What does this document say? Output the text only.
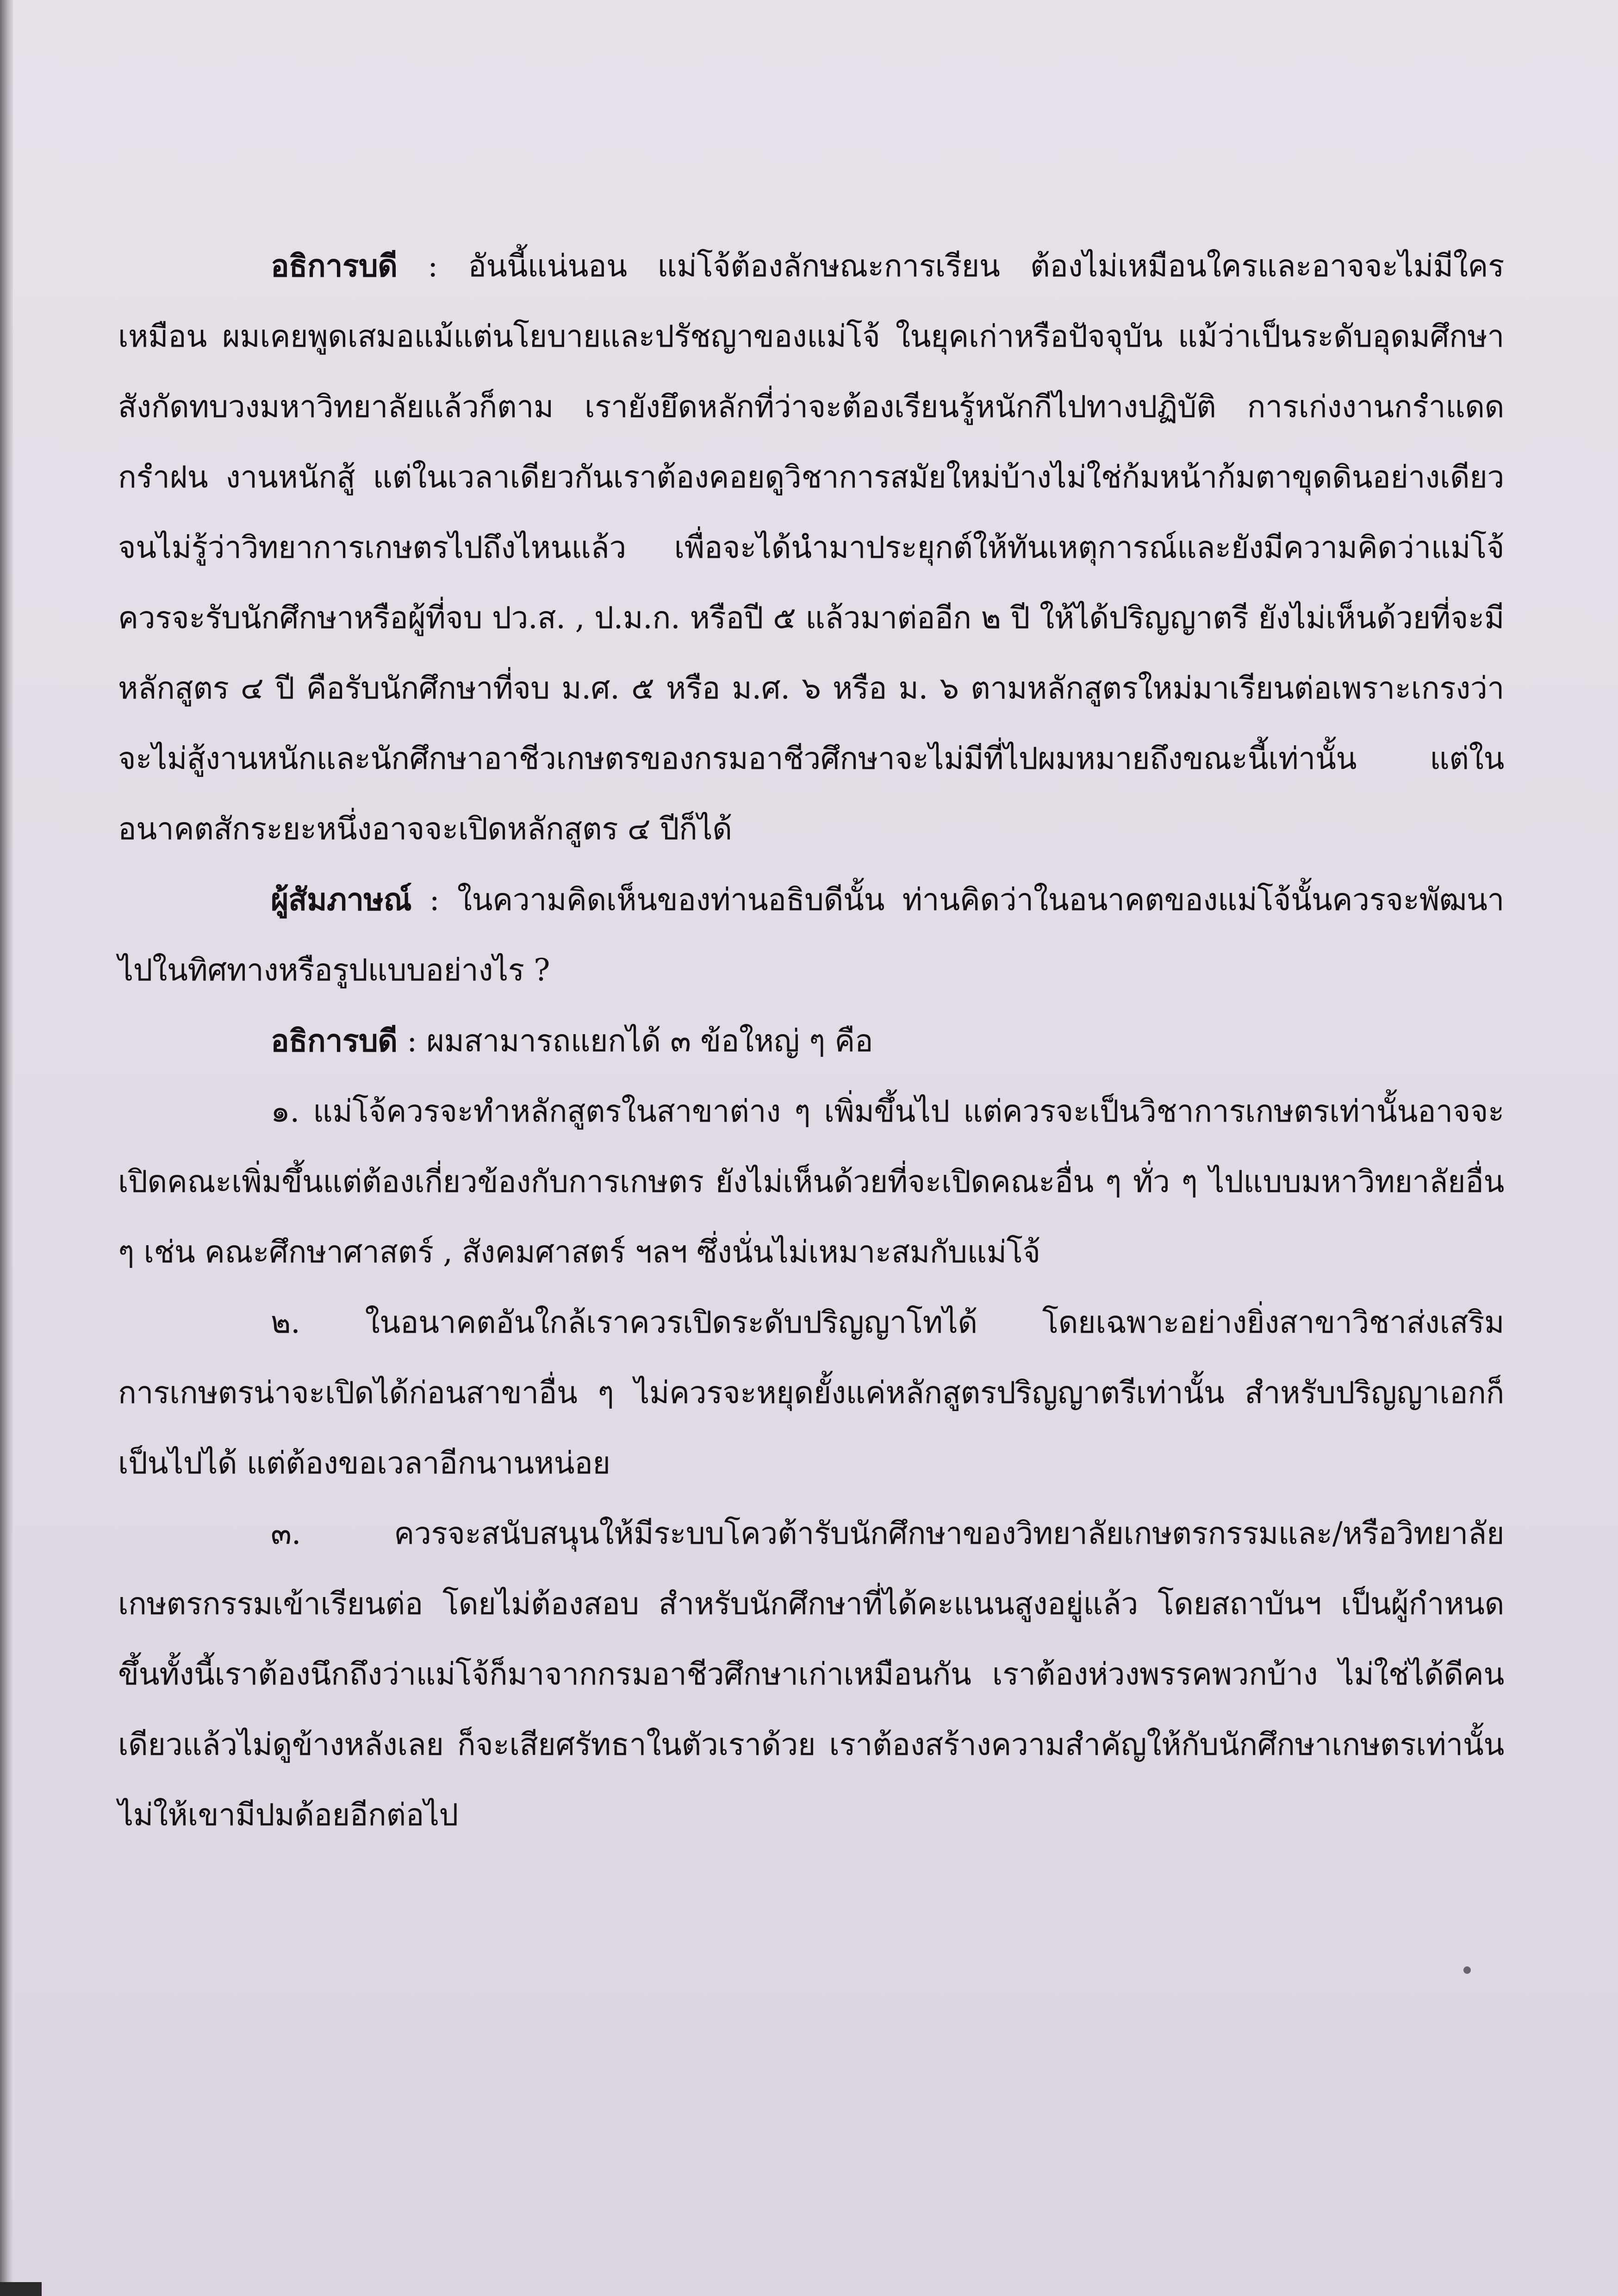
อธิการบดี : อันนี้แน่นอน แม่โจ้ต้องลักษณะการเรียน ต้องไม่เหมือนใครและอาจจะไม่มีใครเหมือน ผมเคยพูดเสมอแม้แต่นโยบายและปรัชญาของแม่โจ้ ในยุคเก่าหรือปัจจุบัน แม้ว่าเป็นระดับอุดมศึกษาสังกัดทบวงมหาวิทยาลัยแล้วก็ตาม เรายังยึดหลักที่ว่าจะต้องเรียนรู้หนักกีไปทางปฏิบัติ การเก่งงานกรำแดด กรำฝน งานหนักสู้ แต่ในเวลาเดียวกันเราต้องคอยดูวิชาการสมัยใหม่บ้างไม่ใช่ก้มหน้าก้มตาขุดดินอย่างเดียวจนไม่รู้ว่าวิทยาการเกษตรไปถึงไหนแล้ว เพื่อจะได้นำมาประยุกต์ให้ทันเหตุการณ์และยังมีความคิดว่าแม่โจ้ควรจะรับนักศึกษาหรือผู้ที่จบ ปว.ส. , ป.ม.ก. หรือปี ๕ แล้วมาต่ออีก ๒ ปี ให้ได้ปริญญาตรี ยังไม่เห็นด้วยที่จะมีหลักสูตร ๔ ปี คือรับนักศึกษาที่จบ ม.ศ. ๕ หรือ ม.ศ. ๖ หรือ ม. ๖ ตามหลักสูตรใหม่มาเรียนต่อเพราะเกรงว่าจะไม่สู้งานหนักและนักศึกษาอาชีวเกษตรของกรมอาชีวศึกษาจะไม่มีที่ไปผมหมายถึงขณะนี้เท่านั้น แต่ในอนาคตสักระยะหนึ่งอาจจะเปิดหลักสูตร ๔ ปีก็ได้

ผู้สัมภาษณ์ : ในความคิดเห็นของท่านอธิบดีนั้น ท่านคิดว่าในอนาคตของแม่โจ้นั้นควรจะพัฒนาไปในทิศทางหรือรูปแบบอย่างไร ?

อธิการบดี : ผมสามารถแยกได้ ๓ ข้อใหญ่ ๆ คือ

๑. แม่โจ้ควรจะทำหลักสูตรในสาขาต่าง ๆ เพิ่มขึ้นไป แต่ควรจะเป็นวิชาการเกษตรเท่านั้นอาจจะเปิดคณะเพิ่มขึ้นแต่ต้องเกี่ยวข้องกับการเกษตร ยังไม่เห็นด้วยที่จะเปิดคณะอื่น ๆ ทั่ว ๆ ไปแบบมหาวิทยาลัยอื่น ๆ เช่น คณะศึกษาศาสตร์ , สังคมศาสตร์ ฯลฯ ซึ่งนั่นไม่เหมาะสมกับแม่โจ้

๒. ในอนาคตอันใกล้เราควรเปิดระดับปริญญาโทได้ โดยเฉพาะอย่างยิ่งสาขาวิชาส่งเสริมการเกษตรน่าจะเปิดได้ก่อนสาขาอื่น ๆ ไม่ควรจะหยุดยั้งแค่หลักสูตรปริญญาตรีเท่านั้น สำหรับปริญญาเอกก็เป็นไปได้ แต่ต้องขอเวลาอีกนานหน่อย

๓. ควรจะสนับสนุนให้มีระบบโควต้ารับนักศึกษาของวิทยาลัยเกษตรกรรมและ/หรือวิทยาลัยเกษตรกรรมเข้าเรียนต่อ โดยไม่ต้องสอบ สำหรับนักศึกษาที่ได้คะแนนสูงอยู่แล้ว โดยสถาบันฯ เป็นผู้กำหนดขึ้นทั้งนี้เราต้องนึกถึงว่าแม่โจ้ก็มาจากกรมอาชีวศึกษาเก่าเหมือนกัน เราต้องห่วงพรรคพวกบ้าง ไม่ใช่ได้ดีคนเดียวแล้วไม่ดูข้างหลังเลย ก็จะเสียศรัทธาในตัวเราด้วย เราต้องสร้างความสำคัญให้กับนักศึกษาเกษตรเท่านั้น ไม่ให้เขามีปมด้อยอีกต่อไป
